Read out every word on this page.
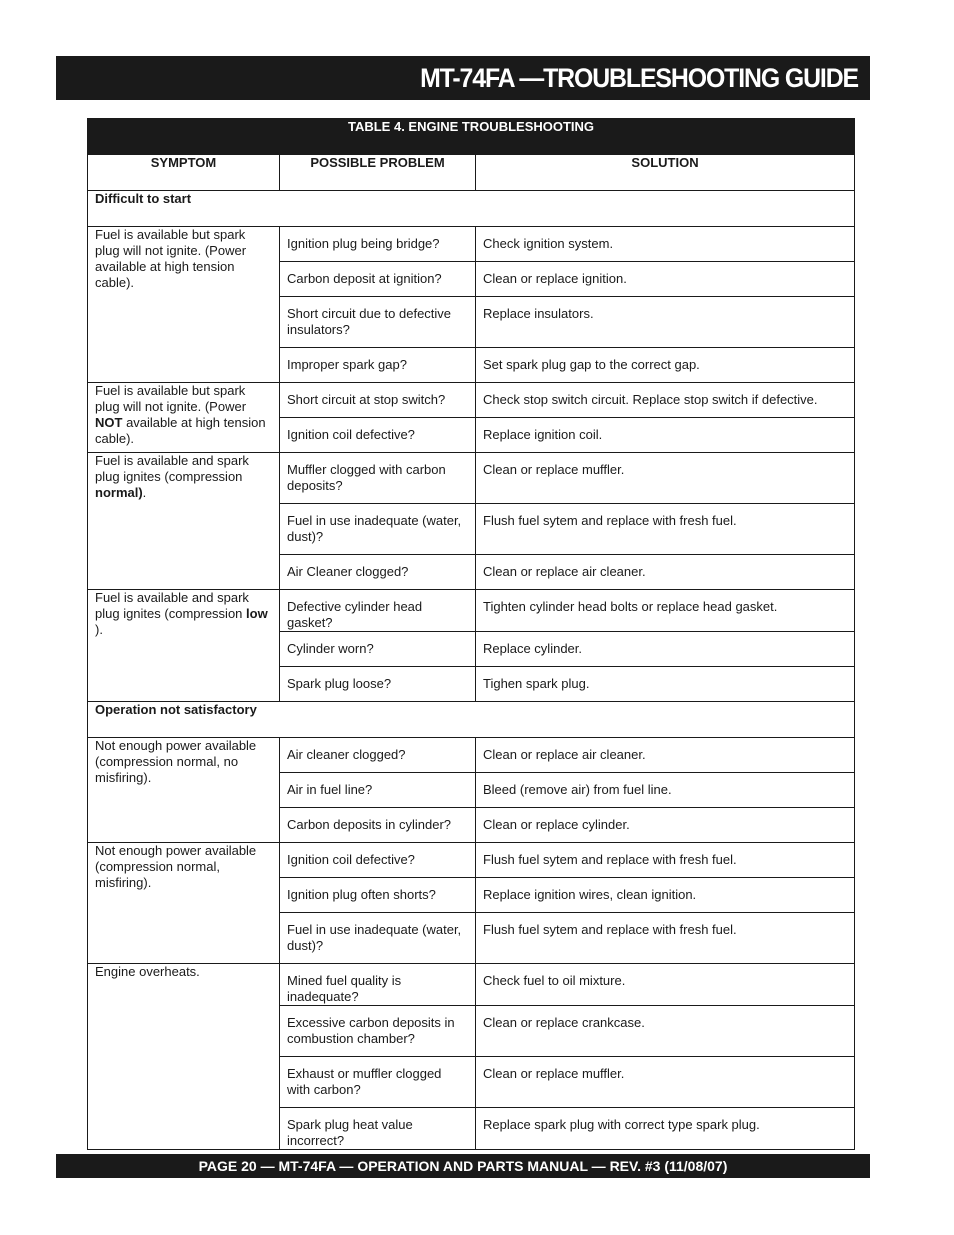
MT-74FA —TROUBLESHOOTING GUIDE
TABLE 4. ENGINE TROUBLESHOOTING		
SYMPTOM	POSSIBLE PROBLEM	SOLUTION
Difficult to start		
Fuel is available but spark plug will not ignite. (Power available at high tension cable).	Ignition plug being bridge?	Check ignition system.
	Carbon deposit at ignition?	Clean or replace ignition.
	Short circuit due to defective insulators?	Replace insulators.
	Improper spark gap?	Set spark plug gap to the correct gap.
Fuel is available but spark plug will not ignite. (Power NOT available at high tension cable).	Short circuit at stop switch?	Check stop switch circuit. Replace stop switch if defective.
	Ignition coil defective?	Replace ignition coil.
Fuel is available and spark plug ignites (compression normal).	Muffler clogged with carbon deposits?	Clean or replace muffler.
	Fuel in use inadequate (water, dust)?	Flush fuel sytem and replace with fresh fuel.
	Air Cleaner clogged?	Clean or replace air cleaner.
Fuel is available and spark plug ignites (compression low ).	Defective cylinder head gasket?	Tighten cylinder head bolts or replace head gasket.
	Cylinder worn?	Replace cylinder.
	Spark plug loose?	Tighen spark plug.
Operation not satisfactory		
Not enough power available (compression normal, no misfiring).	Air cleaner clogged?	Clean or replace air cleaner.
	Air in fuel line?	Bleed (remove air) from fuel line.
	Carbon deposits in cylinder?	Clean or replace cylinder.
Not enough power available (compression normal, misfiring).	Ignition coil defective?	Flush fuel sytem and replace with fresh fuel.
	Ignition plug often shorts?	Replace ignition wires, clean ignition.
	Fuel in use inadequate (water, dust)?	Flush fuel sytem and replace with fresh fuel.
Engine overheats.	Mined fuel quality is inadequate?	Check fuel to oil mixture.
	Excessive carbon deposits in combustion chamber?	Clean or replace crankcase.
	Exhaust or muffler clogged with carbon?	Clean or replace muffler.
	Spark plug heat value incorrect?	Replace spark plug with correct type spark plug.
PAGE 20 — MT-74FA — OPERATION AND PARTS MANUAL — REV. #3 (11/08/07)
